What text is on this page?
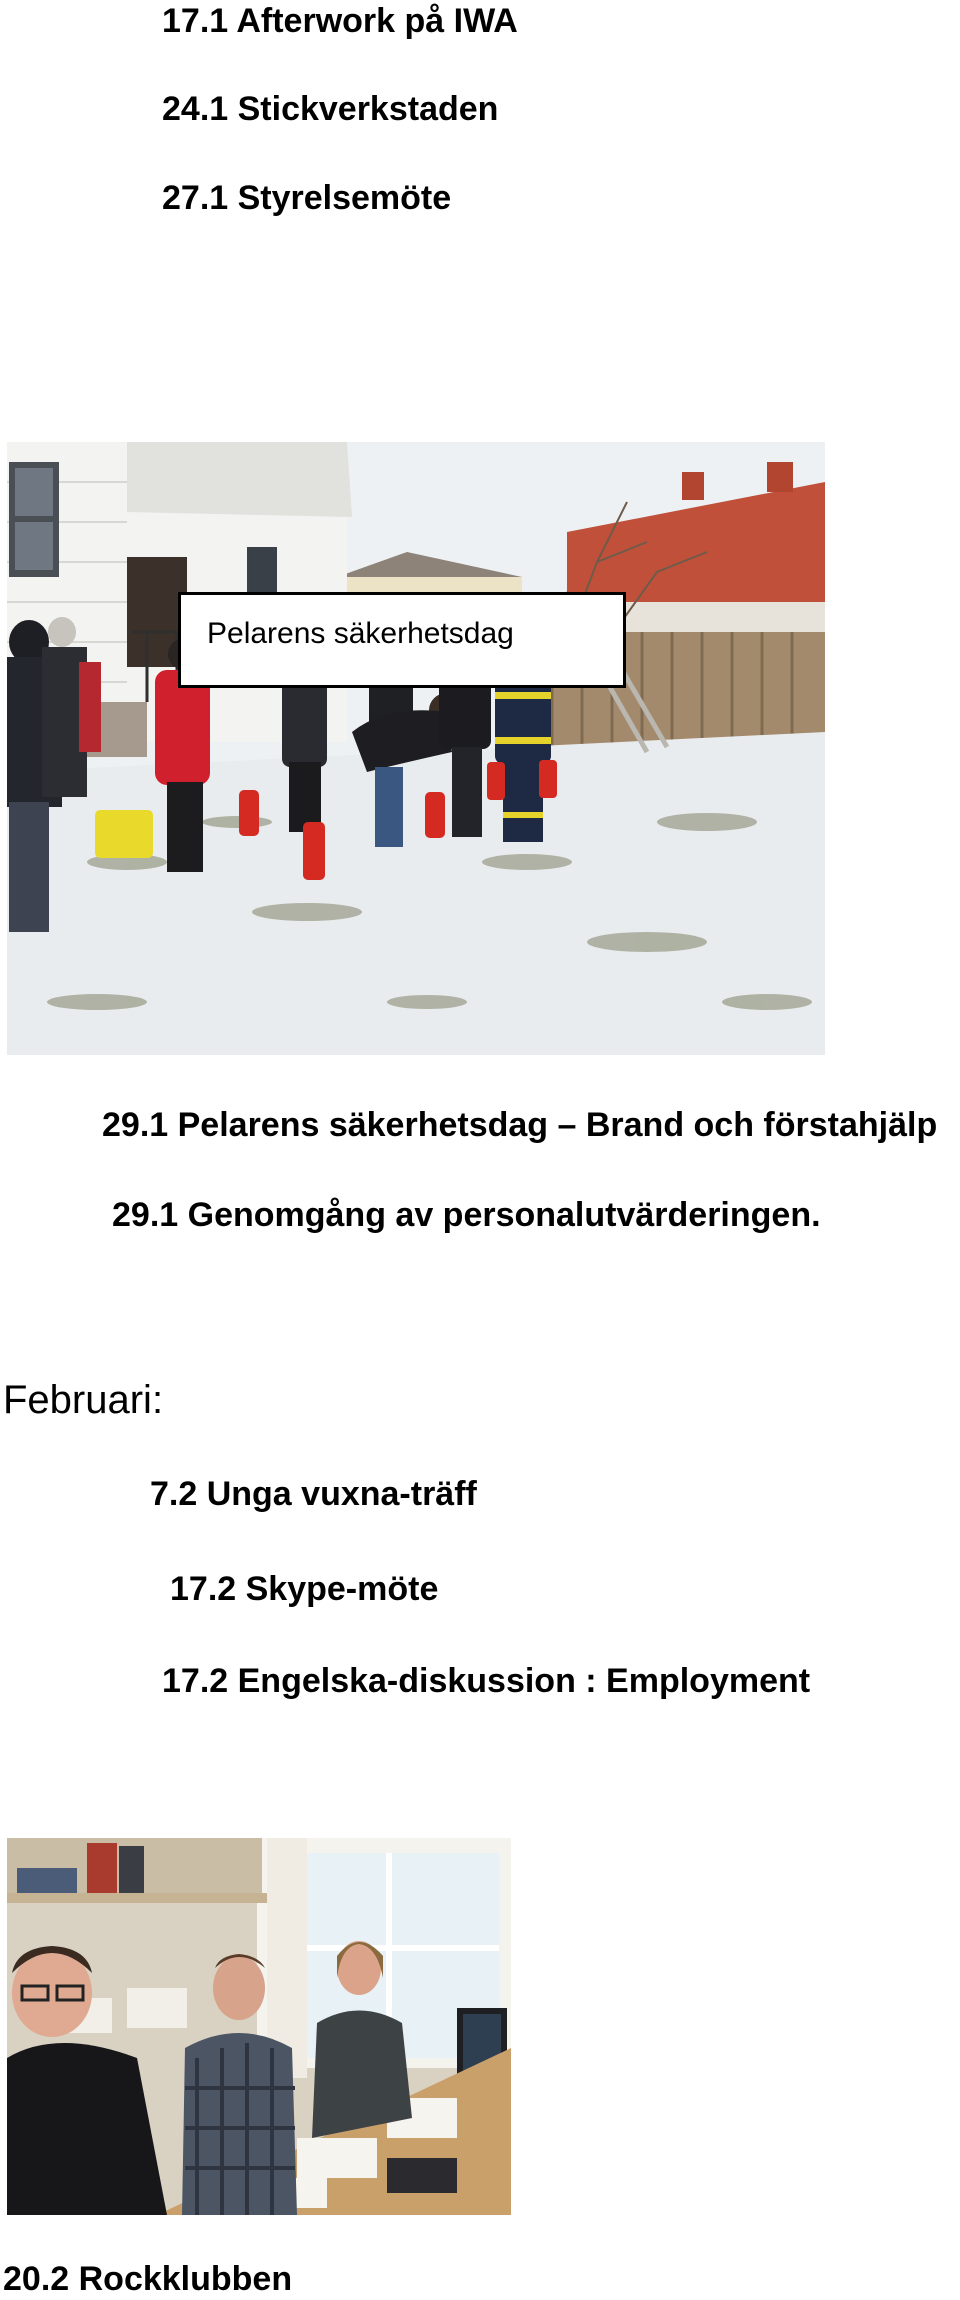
17.1 Afterwork på IWA
24.1 Stickverkstaden
27.1 Styrelsemöte
Pelarens säkerhetsdag
29.1 Pelarens säkerhetsdag – Brand och förstahjälp
29.1 Genomgång av personalutvärderingen.
Februari:
7.2 Unga vuxna-träff
17.2 Skype-möte
17.2 Engelska-diskussion : Employment
20.2 Rockklubben
